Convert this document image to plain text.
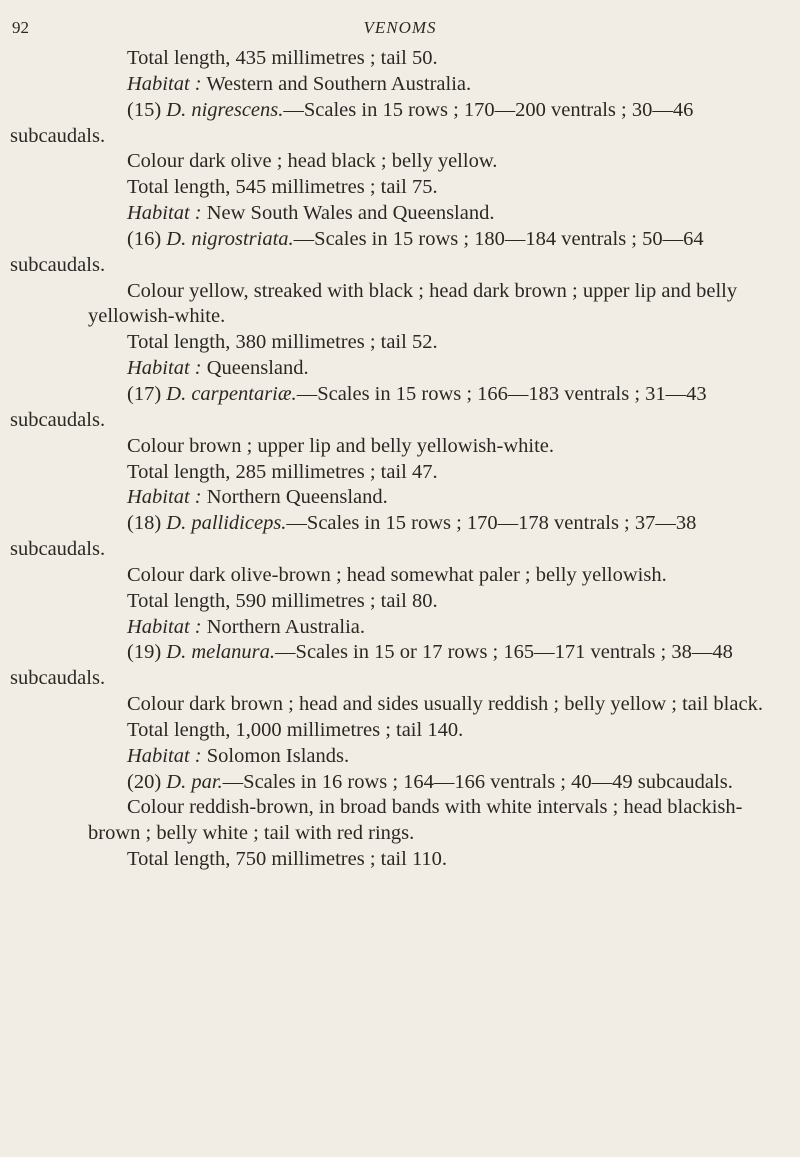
92	VENOMS

Total length, 435 millimetres ; tail 50.

Habitat : Western and Southern Australia.

(15) D. nigrescens.—Scales in 15 rows ; 170—200 ventrals ; 30—46 subcaudals.

Colour dark olive ; head black ; belly yellow.

Total length, 545 millimetres ; tail 75.

Habitat : New South Wales and Queensland.

(16) D. nigrostriata.—Scales in 15 rows ; 180—184 ventrals ; 50—64 subcaudals.

Colour yellow, streaked with black ; head dark brown ; upper lip and belly yellowish-white.

Total length, 380 millimetres ; tail 52.

Habitat : Queensland.

(17) D. carpentariæ.—Scales in 15 rows ; 166—183 ventrals ; 31—43 subcaudals.

Colour brown ; upper lip and belly yellowish-white.

Total length, 285 millimetres ; tail 47.

Habitat : Northern Queensland.

(18) D. pallidiceps.—Scales in 15 rows ; 170—178 ventrals ; 37—38 subcaudals.

Colour dark olive-brown ; head somewhat paler ; belly yellowish.

Total length, 590 millimetres ; tail 80.

Habitat : Northern Australia.

(19) D. melanura.—Scales in 15 or 17 rows ; 165—171 ventrals ; 38—48 subcaudals.

Colour dark brown ; head and sides usually reddish ; belly yellow ; tail black.

Total length, 1,000 millimetres ; tail 140.

Habitat : Solomon Islands.

(20) D. par.—Scales in 16 rows ; 164—166 ventrals ; 40—49 subcaudals.

Colour reddish-brown, in broad bands with white intervals ; head blackish-brown ; belly white ; tail with red rings.

Total length, 750 millimetres ; tail 110.
